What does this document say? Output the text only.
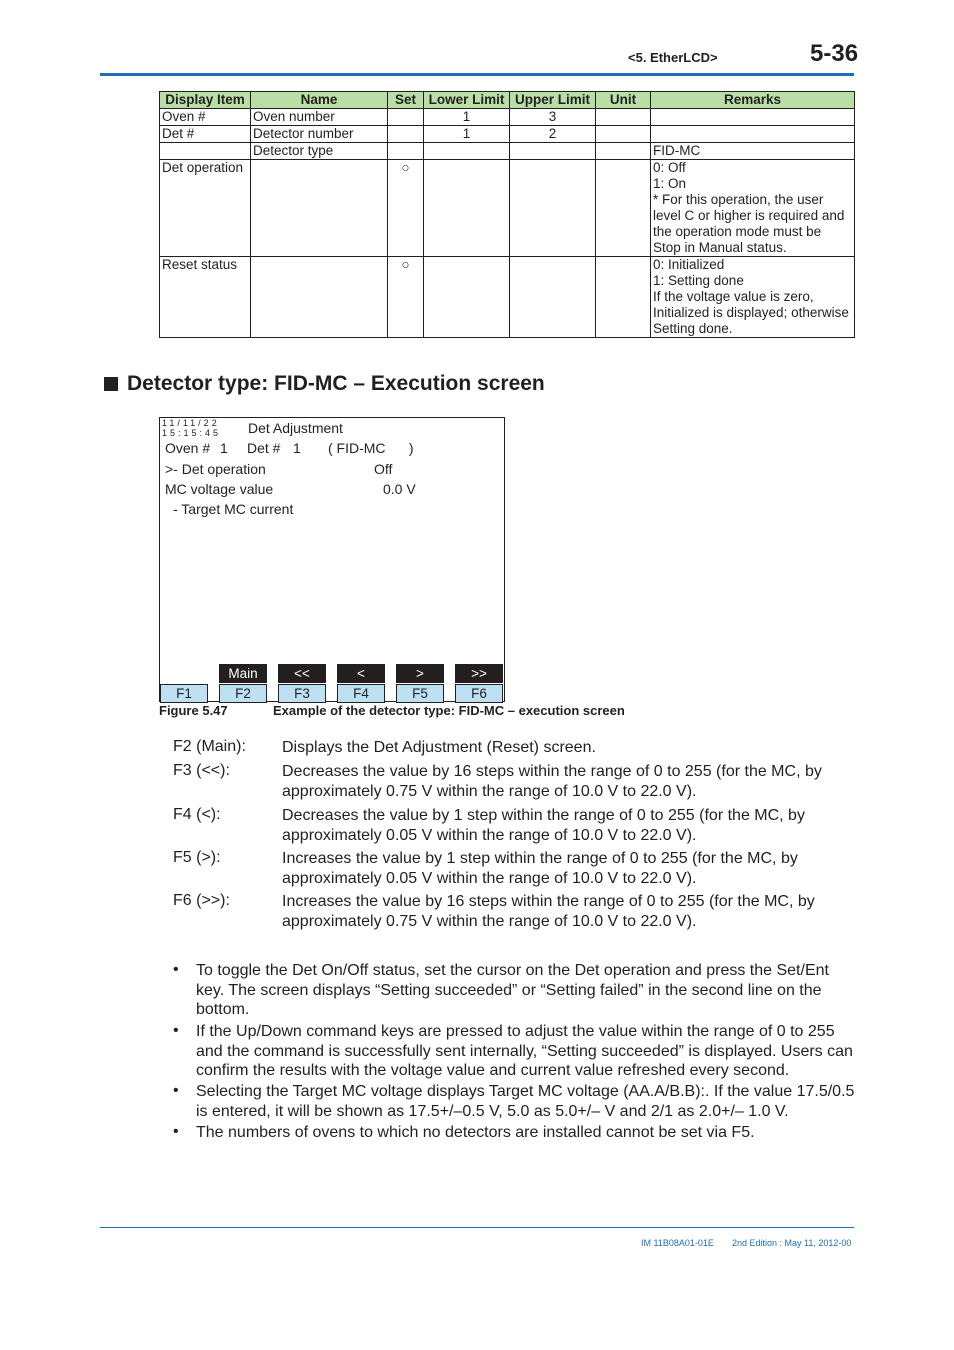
<5. EtherLCD>	5-36
Display Item	Name	Set	Lower Limit	Upper Limit	Unit	Remarks
Oven #	Oven number		1	3		
Det #	Detector number		1	2		
	Detector type					FID-MC
Det operation		○				0: Off
1: On
* For this operation, the user level C or higher is required and the operation mode must be Stop in Manual status.
Reset status		○				0: Initialized
1: Setting done
If the voltage value is zero, Initialized is displayed; otherwise Setting done.
Detector type: FID-MC – Execution screen
11/11/22
15:15:45 Det Adjustment
Oven # 1 Det # 1 ( FID-MC      )
>- Det operation	Off
MC voltage value	0.0 V
- Target MC current
Main	<<	<	>	>>
F1	F2	F3	F4	F5	F6
Figure 5.47	Example of the detector type: FID-MC – execution screen
F2 (Main): Displays the Det Adjustment (Reset) screen.
F3 (<<):	Decreases the value by 16 steps within the range of 0 to 255 (for the MC, by approximately 0.75 V within the range of 10.0 V to 22.0 V).
F4 (<):	Decreases the value by 1 step within the range of 0 to 255 (for the MC, by approximately 0.05 V within the range of 10.0 V to 22.0 V).
F5 (>):	Increases the value by 1 step within the range of 0 to 255 (for the MC, by approximately 0.05 V within the range of 10.0 V to 22.0 V).
F6 (>>):	Increases the value by 16 steps within the range of 0 to 255 (for the MC, by approximately 0.75 V within the range of 10.0 V to 22.0 V).
• To toggle the Det On/Off status, set the cursor on the Det operation and press the Set/Ent key. The screen displays “Setting succeeded” or “Setting failed” in the second line on the bottom.
• If the Up/Down command keys are pressed to adjust the value within the range of 0 to 255 and the command is successfully sent internally, “Setting succeeded” is displayed. Users can confirm the results with the voltage value and current value refreshed every second.
• Selecting the Target MC voltage displays Target MC voltage (AA.A/B.B):. If the value 17.5/0.5 is entered, it will be shown as 17.5+/–0.5 V, 5.0 as 5.0+/– V and 2/1 as 2.0+/– 1.0 V.
• The numbers of ovens to which no detectors are installed cannot be set via F5.
IM 11B08A01-01E 2nd Edition : May 11, 2012-00
